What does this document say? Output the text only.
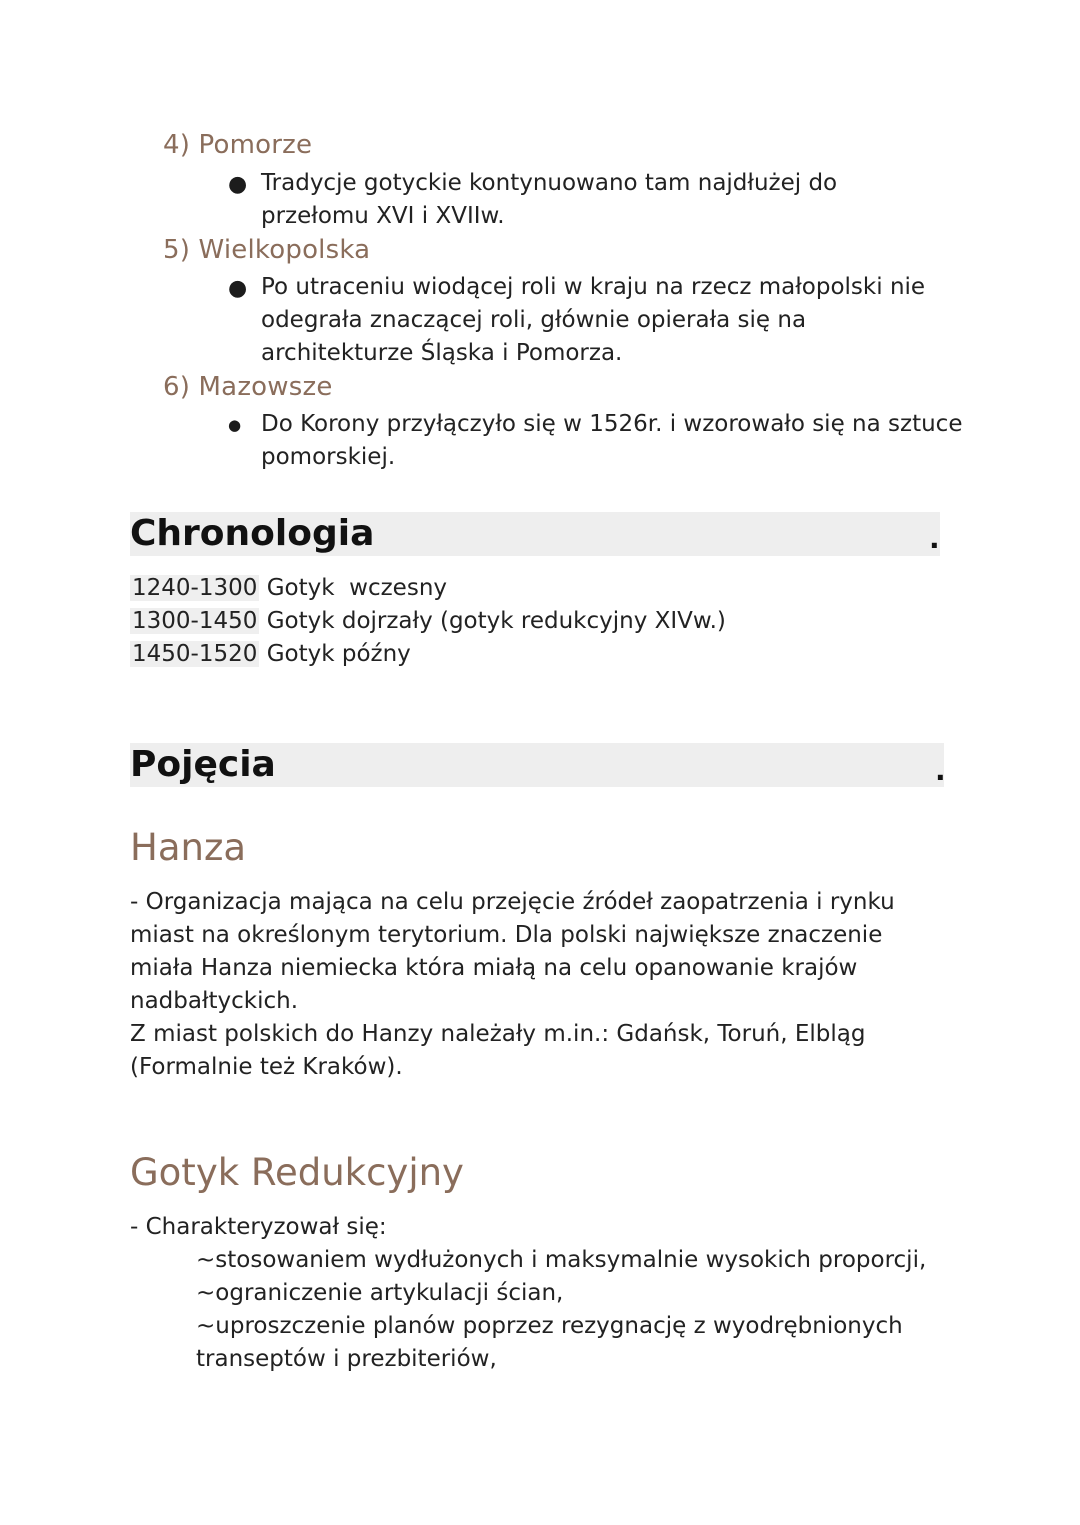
4) Pomorze
● Tradycje gotyckie kontynuowano tam najdłużej do
przełomu XVI i XVIIw.
5) Wielkopolska
● Po utraceniu wiodącej roli w kraju na rzecz małopolski nie
odegrała znaczącej roli, głównie opierała się na
architekturze Śląska i Pomorza.
6) Mazowsze
● Do Korony przyłączyło się w 1526r. i wzorowało się na sztuce
pomorskiej.
Chronologia	.
1240-1300 Gotyk  wczesny
1300-1450 Gotyk dojrzały (gotyk redukcyjny XIVw.)
1450-1520 Gotyk późny
Pojęcia	.
Hanza
- Organizacja mająca na celu przejęcie źródeł zaopatrzenia i rynku
miast na określonym terytorium. Dla polski największe znaczenie
miała Hanza niemiecka która miałą na celu opanowanie krajów
nadbałtyckich.
Z miast polskich do Hanzy należały m.in.: Gdańsk, Toruń, Elbląg
(Formalnie też Kraków).
Gotyk Redukcyjny
- Charakteryzował się:
~stosowaniem wydłużonych i maksymalnie wysokich proporcji,
~ograniczenie artykulacji ścian,
~uproszczenie planów poprzez rezygnację z wyodrębnionych
transeptów i prezbiteriów,
